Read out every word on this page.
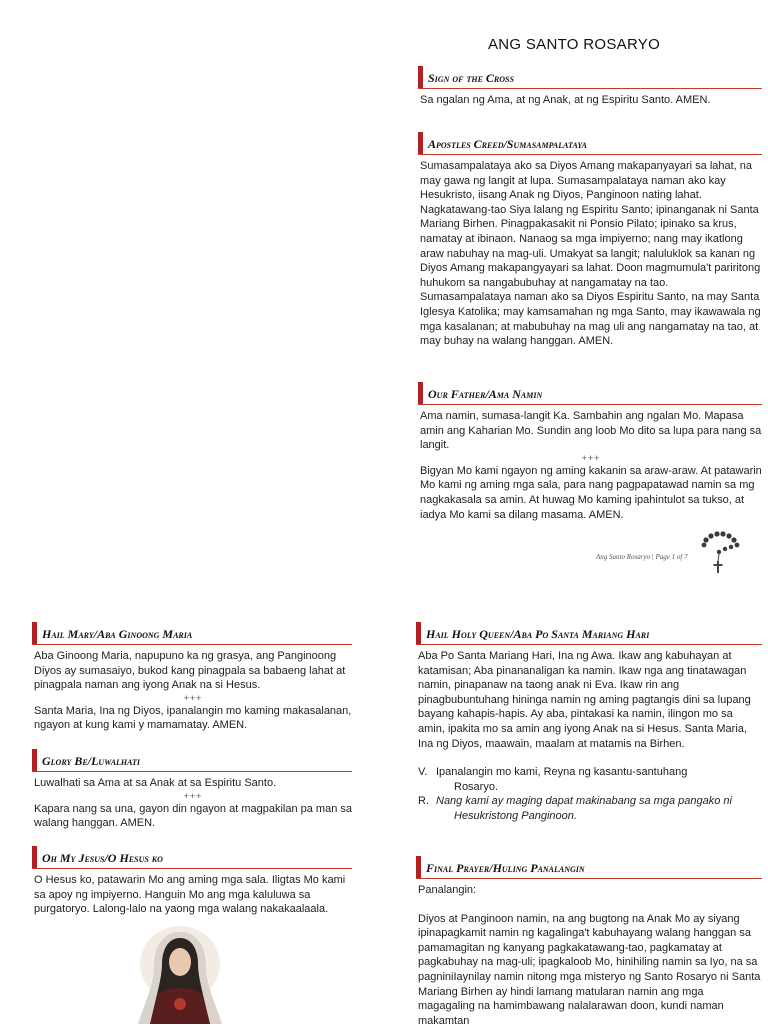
ANG SANTO ROSARYO
Sign of the Cross
Sa ngalan ng Ama, at ng Anak, at ng Espiritu Santo. AMEN.
Apostles Creed/Sumasampalataya
Sumasampalataya ako sa Diyos Amang makapanyayari sa lahat, na may gawa ng langit at lupa. Sumasampalataya naman ako kay Hesukristo, iisang Anak ng Diyos, Panginoon nating lahat. Nagkatawang-tao Siya lalang ng Espiritu Santo; ipinanganak ni Santa Mariang Birhen. Pinagpakasakit ni Ponsio Pilato; ipinako sa krus, namatay at ibinaon. Nanaog sa mga impiyerno; nang may ikatlong araw nabuhay na mag-uli. Umakyat sa langit; naluluklok sa kanan ng Diyos Amang makapangyayari sa lahat. Doon magmumula't pariritong huhukom sa nangabubuhay at nangamatay na tao. Sumasampalataya naman ako sa Diyos Espiritu Santo, na may Santa Iglesya Katolika; may kamsamahan ng mga Santo, may ikawawala ng mga kasalanan; at mabubuhay na mag uli ang nangamatay na tao, at may buhay na walang hanggan. AMEN.
Our Father/Ama Namin
Ama namin, sumasa-langit Ka. Sambahin ang ngalan Mo. Mapasa amin ang Kaharian Mo. Sundin ang loob Mo dito sa lupa para nang sa langit.
+++
Bigyan Mo kami ngayon ng aming kakanin sa araw-araw. At patawarin Mo kami ng aming mga sala, para nang pagpapatawad namin sa mg nagkakasala sa amin. At huwag Mo kaming ipahintulot sa tukso, at iadya Mo kami sa dilang masama. AMEN.
Ang Santo Rosaryo | Page 1 of 7
Hail Mary/Aba Ginoong Maria
Aba Ginoong Maria, napupuno ka ng grasya, ang Panginoong Diyos ay sumasaiyo, bukod kang pinagpala sa babaeng lahat at pinagpala naman ang iyong Anak na si Hesus.
+++
Santa Maria, Ina ng Diyos, ipanalangin mo kaming makasalanan, ngayon at kung kami y mamamatay. AMEN.
Glory Be/Luwalhati
Luwalhati sa Ama at sa Anak at sa Espiritu Santo.
+++
Kapara nang sa una, gayon din ngayon at magpakilan pa man sa walang hanggan. AMEN.
Oh My Jesus/O Hesus ko
O Hesus ko, patawarin Mo ang aming mga sala. Iligtas Mo kami sa apoy ng impiyerno. Hanguin Mo ang mga kaluluwa sa purgatoryo. Lalong-lalo na yaong mga walang nakakaalaala.
Hail Holy Queen/Aba Po Santa Mariang Hari
Aba Po Santa Mariang Hari, Ina ng Awa. Ikaw ang kabuhayan at katamisan; Aba pinananaligan ka namin. Ikaw nga ang tinatawagan namin, pinapanaw na taong anak ni Eva. Ikaw rin ang pinagbubuntuhang hininga namin ng aming pagtangis dini sa lupang bayang kahapis-hapis. Ay aba, pintakasi ka namin, ilingon mo sa amin, ipakita mo sa amin ang iyong Anak na si Hesus. Santa Maria, Ina ng Diyos, maawain, maalam at matamis na Birhen.
V. Ipanalangin mo kami, Reyna ng kasantu-santuhang
Rosaryo.
R. Nang kami ay maging dapat makinabang sa mga pangako ni
Hesukristong Panginoon.
Final Prayer/Huling Panalangin
Panalangin:
Diyos at Panginoon namin, na ang bugtong na Anak Mo ay siyang ipinapagkamit namin ng kagalinga't kabuhayang walang hanggan sa pamamagitan ng kanyang pagkakatawang-tao, pagkamatay at pagkabuhay na mag-uli; ipagkaloob Mo, hinihiling namin sa Iyo, na sa pagniniIaynilay namin nitong mga misteryo ng Santo Rosaryo ni Santa Mariang Birhen ay hindi lamang matularan namin ang mga magagaling na hamimbawang nalalarawan doon, kundi naman makamtan
